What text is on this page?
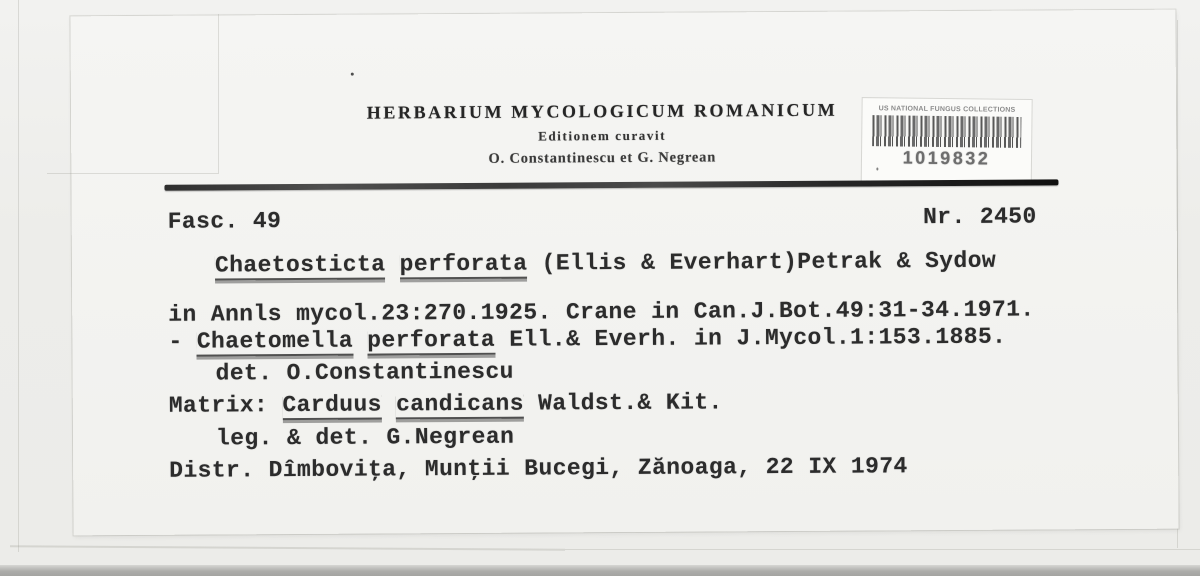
HERBARIUM MYCOLOGICUM ROMANICUM
Editionem curavit
O. Constantinescu et G. Negrean
US NATIONAL FUNGUS COLLECTIONS
1019832
Fasc. 49	Nr. 2450
Chaetosticta perforata (Ellis & Everhart)Petrak & Sydow
in Annls mycol.23:270.1925. Crane in Can.J.Bot.49:31-34.1971.
- Chaetomella perforata Ell.& Everh. in J.Mycol.1:153.1885.
det. O.Constantinescu
Matrix: Carduus candicans Waldst.& Kit.
leg. & det. G.Negrean
Distr. Dîmboviţa, Munţii Bucegi, Zănoaga, 22 IX 1974
